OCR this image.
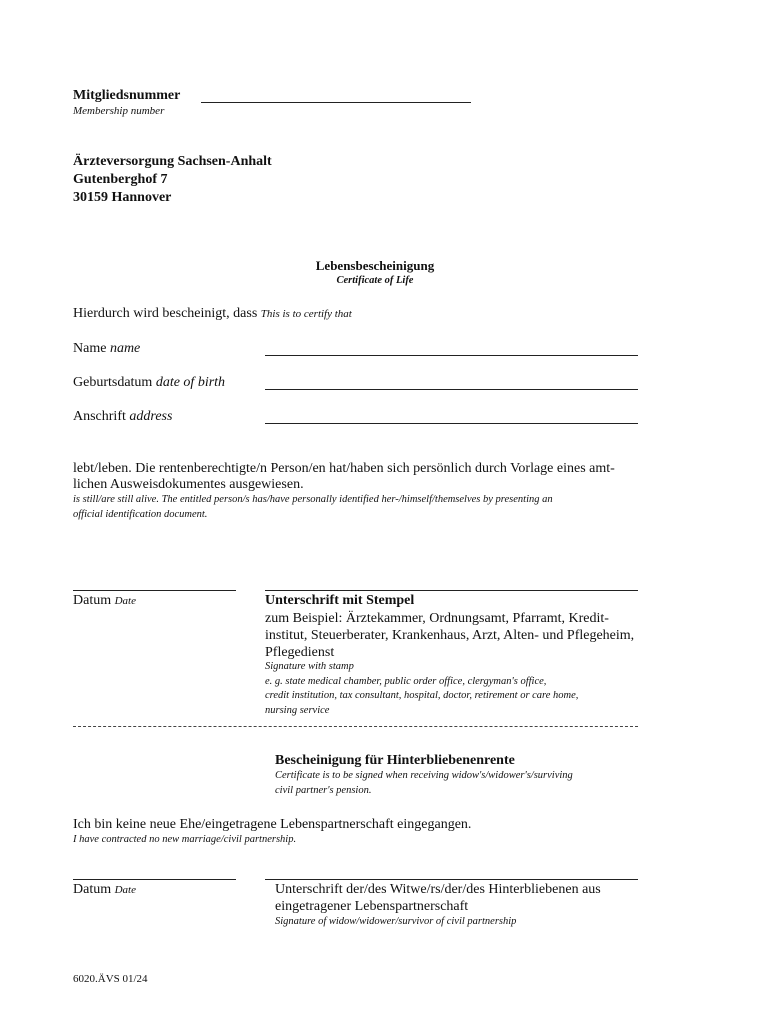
Mitgliedsnummer
Membership number
Ärzteversorgung Sachsen-Anhalt
Gutenberghof 7
30159 Hannover
Lebensbescheinigung
Certificate of Life
Hierdurch wird bescheinigt, dass This is to certify that
Name name
Geburtsdatum date of birth
Anschrift address
lebt/leben. Die rentenberechtigte/n Person/en hat/haben sich persönlich durch Vorlage eines amt-
lichen Ausweisdokumentes ausgewiesen.
is still/are still alive. The entitled person/s has/have personally identified her-/himself/themselves by presenting an
official identification document.
Datum Date	Unterschrift mit Stempel
zum Beispiel: Ärztekammer, Ordnungsamt, Pfarramt, Kredit-
institut, Steuerberater, Krankenhaus, Arzt, Alten- und Pflegeheim,
Pflegedienst
Signature with stamp
e. g. state medical chamber, public order office, clergyman's office,
credit institution, tax consultant, hospital, doctor, retirement or care home,
nursing service
Bescheinigung für Hinterbliebenenrente
Certificate is to be signed when receiving widow's/widower's/surviving
civil partner's pension.
Ich bin keine neue Ehe/eingetragene Lebenspartnerschaft eingegangen.
I have contracted no new marriage/civil partnership.
Datum Date	Unterschrift der/des Witwe/rs/der/des Hinterbliebenen aus
eingetragener Lebenspartnerschaft
Signature of widow/widower/survivor of civil partnership
6020.ÄVS 01/24
